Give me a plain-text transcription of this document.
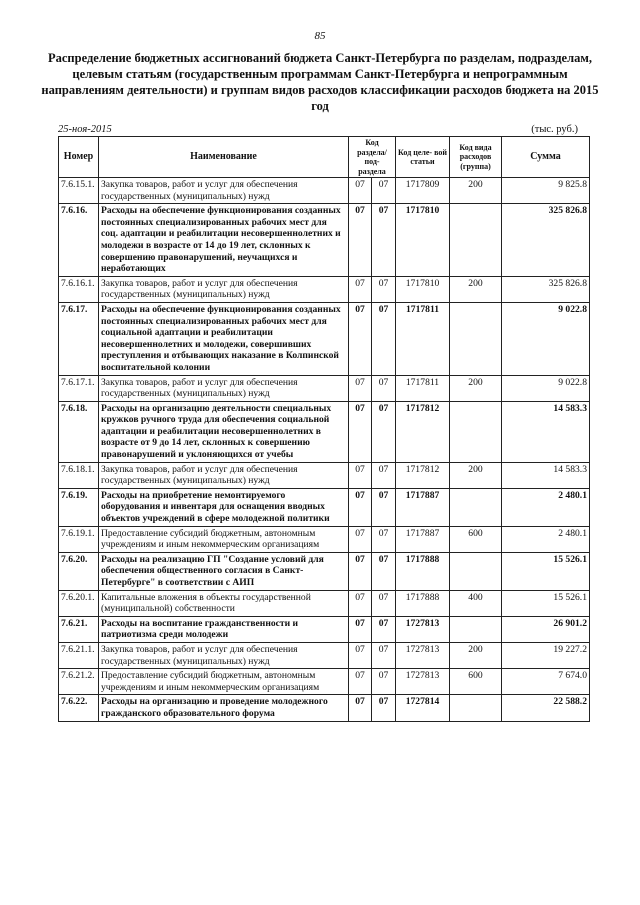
85
Распределение бюджетных ассигнований бюджета Санкт-Петербурга по разделам, подразделам, целевым статьям (государственным программам Санкт-Петербурга и непрограммным направлениям деятельности) и группам видов расходов классификации расходов бюджета на 2015 год
25-ноя-2015	(тыс. руб.)
Номер	Наименование	Код раздела/ под- раздела		Код целе- вой статьи	Код вида расходов (группа)	Сумма
7.6.15.1.	Закупка товаров, работ и услуг для обеспечения государственных (муниципальных) нужд	07	07	1717809	200	9 825.8
7.6.16.	Расходы на обеспечение функционирования созданных постоянных специализированных рабочих мест для соц. адаптации и реабилитации несовершеннолетних и молодежи в возрасте от 14 до 19 лет, склонных к совершению правонарушений, неучащихся и неработающих	07	07	1717810		325 826.8
7.6.16.1.	Закупка товаров, работ и услуг для обеспечения государственных (муниципальных) нужд	07	07	1717810	200	325 826.8
7.6.17.	Расходы на обеспечение функционирования созданных постоянных специализированных рабочих мест для социальной адаптации и реабилитации несовершеннолетних и молодежи, совершивших преступления и отбывающих наказание в Колпинской воспитательной колонии	07	07	1717811		9 022.8
7.6.17.1.	Закупка товаров, работ и услуг для обеспечения государственных (муниципальных) нужд	07	07	1717811	200	9 022.8
7.6.18.	Расходы на организацию деятельности специальных кружков ручного труда для обеспечения социальной адаптации и реабилитации несовершеннолетних в возрасте от 9 до 14 лет, склонных к совершению правонарушений и уклоняющихся от учебы	07	07	1717812		14 583.3
7.6.18.1.	Закупка товаров, работ и услуг для обеспечения государственных (муниципальных) нужд	07	07	1717812	200	14 583.3
7.6.19.	Расходы на приобретение немонтируемого оборудования и инвентаря для оснащения вводных объектов учреждений в сфере молодежной политики	07	07	1717887		2 480.1
7.6.19.1.	Предоставление субсидий бюджетным, автономным учреждениям и иным некоммерческим организациям	07	07	1717887	600	2 480.1
7.6.20.	Расходы на реализацию ГП "Создание условий для обеспечения общественного согласия в Санкт-Петербурге" в соответствии с АИП	07	07	1717888		15 526.1
7.6.20.1.	Капитальные вложения в объекты государственной (муниципальной) собственности	07	07	1717888	400	15 526.1
7.6.21.	Расходы на воспитание гражданственности и патриотизма среди молодежи	07	07	1727813		26 901.2
7.6.21.1.	Закупка товаров, работ и услуг для обеспечения государственных (муниципальных) нужд	07	07	1727813	200	19 227.2
7.6.21.2.	Предоставление субсидий бюджетным, автономным учреждениям и иным некоммерческим организациям	07	07	1727813	600	7 674.0
7.6.22.	Расходы на организацию и проведение молодежного гражданского образовательного форума	07	07	1727814		22 588.2
